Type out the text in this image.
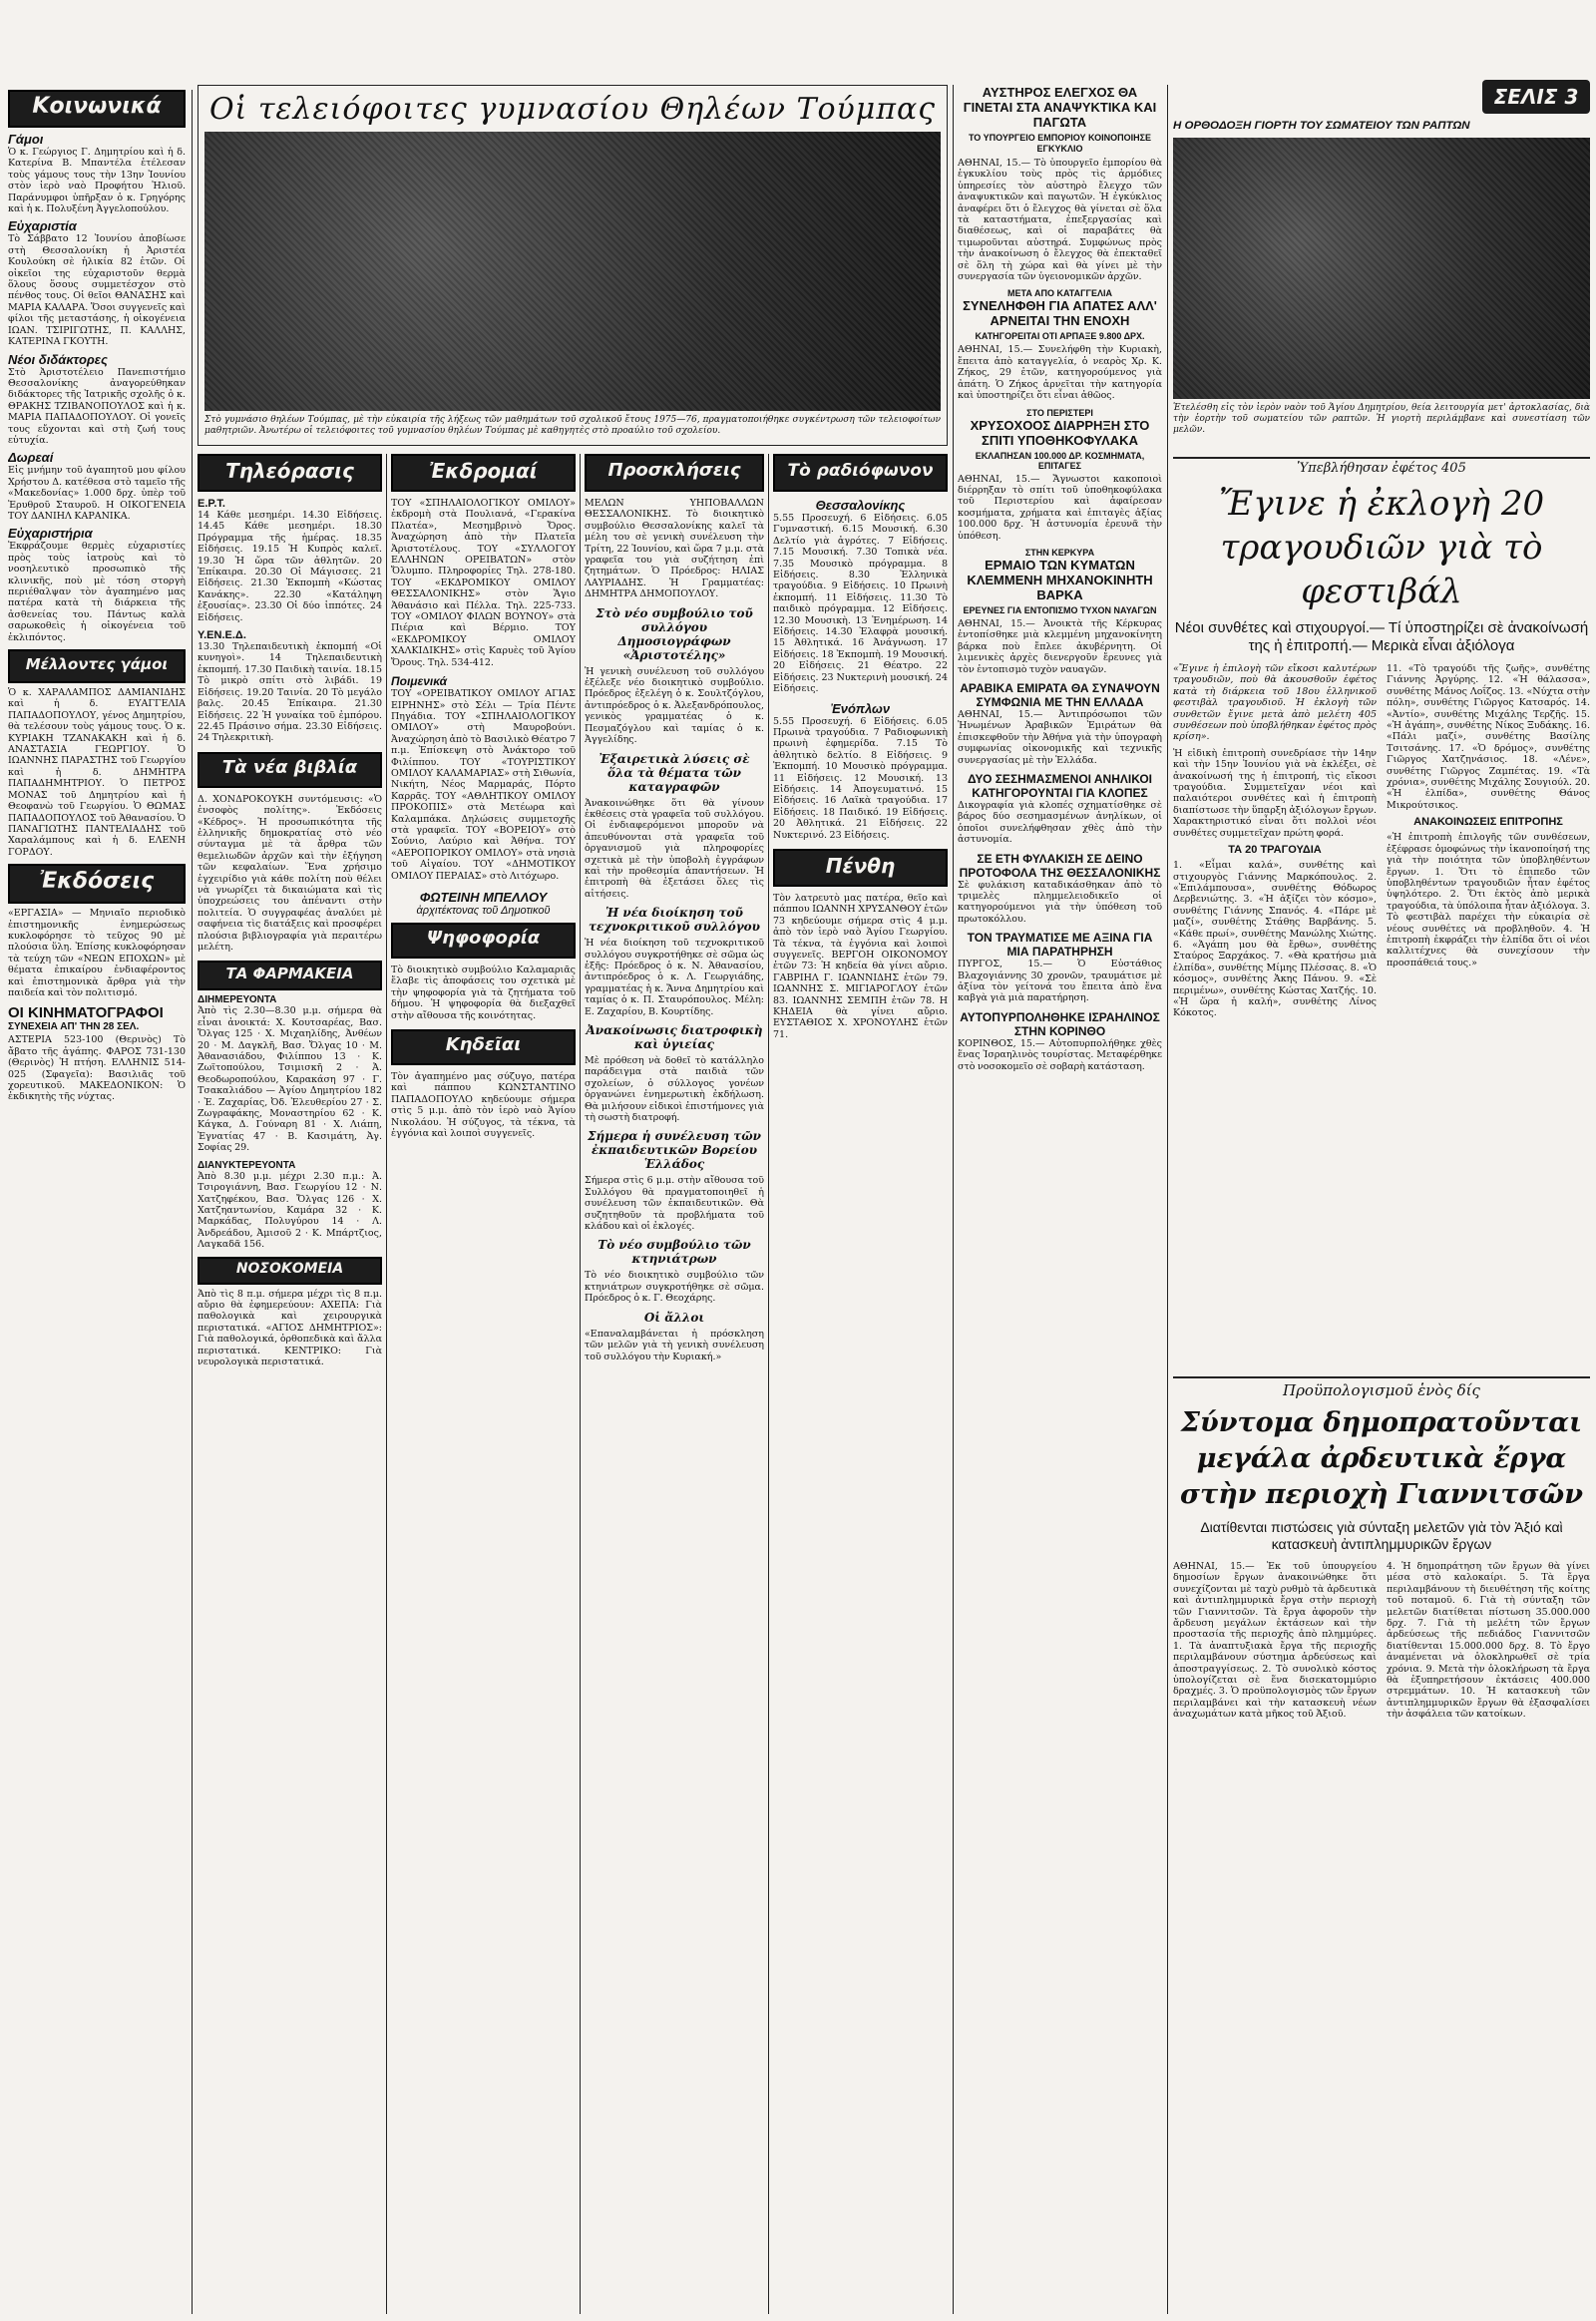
Κοινωνικά
Γάμοι
Ὁ κ. Γεώργιος Γ. Δημητρίου καὶ ἡ δ. Κατερίνα Β. Μπαντέλα ἐτέλεσαν τοὺς γάμους τους τὴν 13ην Ἰουνίου στὸν ἱερὸ ναὸ Προφήτου Ἠλιοῦ. Παράνυμφοι ὑπῆρξαν ὁ κ. Γρηγόρης καὶ ἡ κ. Πολυξένη Ἀγγελοπούλου.
Εὐχαριστία
Τὸ Σάββατο 12 Ἰουνίου ἀποβίωσε στὴ Θεσσαλονίκη ἡ Ἀριστέα Κουλούκη σὲ ἡλικία 82 ἐτῶν. Οἱ οἰκεῖοι της εὐχαριστοῦν θερμὰ ὅλους ὅσους συμμετέσχον στὸ πένθος τους. Οἱ θεῖοι ΘΑΝΑΣΗΣ καὶ ΜΑΡΙΑ ΚΑΛΑΡΑ. Ὅσοι συγγενεῖς καὶ φίλοι τῆς μεταστάσης, ἡ οἰκογένεια ΙΩΑΝ. ΤΣΙΡΙΓΩΤΗΣ, Π. ΚΑΛΛΗΣ, ΚΑΤΕΡΙΝΑ ΓΚΟΥΤΗ.
Νέοι διδάκτορες
Στὸ Ἀριστοτέλειο Πανεπιστήμιο Θεσσαλονίκης ἀναγορεύθηκαν διδάκτορες τῆς Ἰατρικῆς σχολῆς ὁ κ. ΘΡΑΚΗΣ ΤΖΙΒΑΝΟΠΟΥΛΟΣ καὶ ἡ κ. ΜΑΡΙΑ ΠΑΠΑΔΟΠΟΥΛΟΥ. Οἱ γονεῖς τους εὔχονται καὶ στὴ ζωή τους εὐτυχία.
Δωρεαί
Εἰς μνήμην τοῦ ἀγαπητοῦ μου φίλου Χρήστου Δ. κατέθεσα στὸ ταμεῖο τῆς «Μακεδονίας» 1.000 δρχ. ὑπὲρ τοῦ Ἐρυθροῦ Σταυροῦ. Η ΟΙΚΟΓΕΝΕΙΑ ΤΟΥ ΔΑΝΙΗΛ ΚΑΡΑΝΙΚΑ.
Εὐχαριστήρια
Ἐκφράζουμε θερμὲς εὐχαριστίες πρὸς τοὺς ἰατροὺς καὶ τὸ νοσηλευτικὸ προσωπικὸ τῆς κλινικῆς, ποὺ μὲ τόση στοργὴ περιέθαλψαν τὸν ἀγαπημένο μας πατέρα κατὰ τὴ διάρκεια τῆς ἀσθενείας του. Πάντως καλὰ σαρωκοθεὶς ἡ οἰκογένεια τοῦ ἐκλιπόντος.
Μέλλοντες γάμοι
Ὁ κ. ΧΑΡΑΛΑΜΠΟΣ ΔΑΜΙΑΝΙΔΗΣ καὶ ἡ δ. ΕΥΑΓΓΕΛΙΑ ΠΑΠΑΔΟΠΟΥΛΟΥ, γένος Δημητρίου, θὰ τελέσουν τοὺς γάμους τους. Ὁ κ. ΚΥΡΙΑΚΗ ΤΖΑΝΑΚΑΚΗ καὶ ἡ δ. ΑΝΑΣΤΑΣΙΑ ΓΕΩΡΓΙΟΥ. Ὁ ΙΩΑΝΝΗΣ ΠΑΡΑΣΤΗΣ τοῦ Γεωργίου καὶ ἡ δ. ΔΗΜΗΤΡΑ ΠΑΠΑΔΗΜΗΤΡΙΟΥ. Ὁ ΠΕΤΡΟΣ ΜΟΝΑΣ τοῦ Δημητρίου καὶ ἡ Θεοφανὼ τοῦ Γεωργίου. Ὁ ΘΩΜΑΣ ΠΑΠΑΔΟΠΟΥΛΟΣ τοῦ Ἀθανασίου. Ὁ ΠΑΝΑΓΙΩΤΗΣ ΠΑΝΤΕΛΙΑΔΗΣ τοῦ Χαραλάμπους καὶ ἡ δ. ΕΛΕΝΗ ΓΟΡΔΟΥ.
Ἐκδόσεις
«ΕΡΓΑΣΙΑ» — Μηνιαῖο περιοδικὸ ἐπιστημονικῆς ἐνημερώσεως κυκλοφόρησε τὸ τεῦχος 90 μὲ πλούσια ὕλη. Ἐπίσης κυκλοφόρησαν τὰ τεύχη τῶν «ΝΕΩΝ ΕΠΟΧΩΝ» μὲ θέματα ἐπικαίρου ἐνδιαφέροντος καὶ ἐπιστημονικὰ ἄρθρα γιὰ τὴν παιδεία καὶ τὸν πολιτισμό.
ΟΙ ΚΙΝΗΜΑΤΟΓΡΑΦΟΙ
ΣΥΝΕΧΕΙΑ ΑΠ' ΤΗΝ 28 ΣΕΛ.
ΑΣΤΕΡΙΑ 523-100 (Θερινὸς) Τὸ ἄβατο τῆς ἀγάπης. ΦΑΡΟΣ 731-130 (Θερινὸς) Ἡ πτήση. ΕΛΛΗΝΙΣ 514-025 (Σφαγεῖα): Βασιλιᾶς τοῦ χορευτικοῦ. ΜΑΚΕΔΟΝΙΚΟΝ: Ὁ ἐκδικητὴς τῆς νύχτας.
Οἱ τελειόφοιτες γυμνασίου Θηλέων Τούμπας
Στὸ γυμνάσιο θηλέων Τούμπας, μὲ τὴν εὐκαιρία τῆς λήξεως τῶν μαθημάτων τοῦ σχολικοῦ ἔτους 1975—76, πραγματοποιήθηκε συγκέντρωση τῶν τελειοφοίτων μαθητριῶν. Ἀνωτέρω οἱ τελειόφοιτες τοῦ γυμνασίου θηλέων Τούμπας μὲ καθηγητὲς στὸ προαύλιο τοῦ σχολείου.
Τηλεόρασις
Ε.Ρ.Τ.
14 Κάθε μεσημέρι. 14.30 Εἰδήσεις. 14.45 Κάθε μεσημέρι. 18.30 Πρόγραμμα τῆς ἡμέρας. 18.35 Εἰδήσεις. 19.15 Ἡ Κυπρὸς καλεῖ. 19.30 Ἡ ὥρα τῶν ἀθλητῶν. 20 Ἐπίκαιρα. 20.30 Οἱ Μάγισσες. 21 Εἰδήσεις. 21.30 Ἐκπομπὴ «Κώστας Κανάκης». 22.30 «Κατάληψη ἐξουσίας». 23.30 Οἱ δύο ἱππότες. 24 Εἰδήσεις.
Υ.ΕΝ.Ε.Δ.
13.30 Τηλεπαιδευτικὴ ἐκπομπή «Οἱ κυνηγοὶ». 14 Τηλεπαιδευτικὴ ἐκπομπή. 17.30 Παιδικὴ ταινία. 18.15 Τὸ μικρὸ σπίτι στὸ λιβάδι. 19 Εἰδήσεις. 19.20 Ταινία. 20 Τὸ μεγάλο βαλς. 20.45 Ἐπίκαιρα. 21.30 Εἰδήσεις. 22 Ἡ γυναίκα τοῦ ἐμπόρου. 22.45 Πράσινο σήμα. 23.30 Εἰδήσεις. 24 Τηλεκριτικὴ.
Τὰ νέα βιβλία
Δ. ΧΟΝΔΡΟΚΟΥΚΗ συντόμευσις: «Ὁ ἐνσοφὸς πολίτης». Ἐκδόσεις «Κέδρος». Ἡ προσωπικότητα τῆς ἑλληνικῆς δημοκρατίας στὸ νέο σύνταγμα μὲ τὰ ἄρθρα τῶν θεμελιωδῶν ἀρχῶν καὶ τὴν ἐξήγηση τῶν κεφαλαίων. Ἕνα χρήσιμο ἐγχειρίδιο γιὰ κάθε πολίτη ποὺ θέλει νὰ γνωρίζει τὰ δικαιώματα καὶ τὶς ὑποχρεώσεις του ἀπέναντι στὴν πολιτεία. Ὁ συγγραφέας ἀναλύει μὲ σαφήνεια τὶς διατάξεις καὶ προσφέρει πλούσια βιβλιογραφία γιὰ περαιτέρω μελέτη.
ΤΑ ΦΑΡΜΑΚΕΙΑ
ΔΙΗΜΕΡΕΥΟΝΤΑ
Ἀπὸ τὶς 2.30—8.30 μ.μ. σήμερα θὰ εἶναι ἀνοικτά: Χ. Κουτσαρέας, Βασ. Ὄλγας 125 · Χ. Μιχαηλίδης, Ἀνθέων 20 · Μ. Δαγκλῆ, Βασ. Ὄλγας 10 · Μ. Ἀθανασιάδου, Φιλίππου 13 · Κ. Ζωϊτοπούλου, Τσιμισκῆ 2 · Ἀ. Θεοδωροπούλου, Καρακάση 97 · Γ. Τσακαλιάδου — Ἀγίου Δημητρίου 182 · Ἐ. Ζαχαρίας, Ὀδ. Ἐλευθερίου 27 · Σ. Ζωγραφάκης, Μοναστηρίου 62 · Κ. Κάγκα, Δ. Γούναρη 81 · Χ. Λιάπη, Ἐγνατίας 47 · Β. Κασιμάτη, Ἀγ. Σοφίας 29.
ΔΙΑΝΥΚΤΕΡΕΥΟΝΤΑ
Ἀπὸ 8.30 μ.μ. μέχρι 2.30 π.μ.: Ἀ. Τσιρογιάννη, Βασ. Γεωργίου 12 · Ν. Χατζηφέκου, Βασ. Ὄλγας 126 · Χ. Χατζηαντωνίου, Καμάρα 32 · Κ. Μαρκάδας, Πολυγύρου 14 · Λ. Ἀνδρεάδου, Ἀμισοῦ 2 · Κ. Μπάρτζιος, Λαγκαδᾶ 156.
ΝΟΣΟΚΟΜΕΙΑ
Ἀπὸ τὶς 8 π.μ. σήμερα μέχρι τὶς 8 π.μ. αὔριο θὰ ἐφημερεύουν: ΑΧΕΠΑ: Γιὰ παθολογικὰ καὶ χειρουργικὰ περιστατικά. «ΑΓΙΟΣ ΔΗΜΗΤΡΙΟΣ»: Γιὰ παθολογικά, ὀρθοπεδικὰ καὶ ἄλλα περιστατικά. ΚΕΝΤΡΙΚΟ: Γιὰ νευρολογικὰ περιστατικά.
Ἐκδρομαί
ΤΟΥ «ΣΠΗΛΑΙΟΛΟΓΙΚΟΥ ΟΜΙΛΟΥ» ἐκδρομὴ στὰ Πουλιανά, «Γερακίνα Πλατέα», Μεσημβρινὸ Ὄρος. Ἀναχώρηση ἀπὸ τὴν Πλατεῖα Ἀριστοτέλους. ΤΟΥ «ΣΥΛΛΟΓΟΥ ΕΛΛΗΝΩΝ ΟΡΕΙΒΑΤΩΝ» στὸν Ὄλυμπο. Πληροφορίες Τηλ. 278-180. ΤΟΥ «ΕΚΔΡΟΜΙΚΟΥ ΟΜΙΛΟΥ ΘΕΣΣΑΛΟΝΙΚΗΣ» στὸν Ἅγιο Ἀθανάσιο καὶ Πέλλα. Τηλ. 225-733. ΤΟΥ «ΟΜΙΛΟΥ ΦΙΛΩΝ ΒΟΥΝΟΥ» στὰ Πιέρια καὶ Βέρμιο. ΤΟΥ «ΕΚΔΡΟΜΙΚΟΥ ΟΜΙΛΟΥ ΧΑΛΚΙΔΙΚΗΣ» στὶς Καρυὲς τοῦ Ἁγίου Ὄρους. Τηλ. 534-412.
Ποιμενικά
ΤΟΥ «ΟΡΕΙΒΑΤΙΚΟΥ ΟΜΙΛΟΥ ΑΓΙΑΣ ΕΙΡΗΝΗΣ» στὸ Σέλι — Τρία Πέντε Πηγάδια. ΤΟΥ «ΣΠΗΛΑΙΟΛΟΓΙΚΟΥ ΟΜΙΛΟΥ» στὴ Μαυροβούνι. Ἀναχώρηση ἀπὸ τὸ Βασιλικὸ Θέατρο 7 π.μ. Ἐπίσκεψη στὸ Ἀνάκτορο τοῦ Φιλίππου. ΤΟΥ «ΤΟΥΡΙΣΤΙΚΟΥ ΟΜΙΛΟΥ ΚΑΛΑΜΑΡΙΑΣ» στὴ Σιθωνία, Νικήτη, Νέος Μαρμαράς, Πόρτο Καρρᾶς. ΤΟΥ «ΑΘΛΗΤΙΚΟΥ ΟΜΙΛΟΥ ΠΡΟΚΟΠΙΣ» στὰ Μετέωρα καὶ Καλαμπάκα. Δηλώσεις συμμετοχῆς στὰ γραφεῖα. ΤΟΥ «ΒΟΡΕΙΟΥ» στὸ Σούνιο, Λαύριο καὶ Ἀθήνα. ΤΟΥ «ΑΕΡΟΠΟΡΙΚΟΥ ΟΜΙΛΟΥ» στὰ νησιὰ τοῦ Αἰγαίου. ΤΟΥ «ΔΗΜΟΤΙΚΟΥ ΟΜΙΛΟΥ ΠΕΡΑΙΑΣ» στὸ Λιτόχωρο.
ΦΩΤΕΙΝΗ ΜΠΕΛΛΟΥ
ἀρχιτέκτονας τοῦ Δημοτικοῦ
Ψηφοφορία
Τὸ διοικητικὸ συμβούλιο Καλαμαριᾶς ἔλαβε τὶς ἀποφάσεις του σχετικὰ μὲ τὴν ψηφοφορία γιὰ τὰ ζητήματα τοῦ δήμου. Ἡ ψηφοφορία θὰ διεξαχθεῖ στὴν αἴθουσα τῆς κοινότητας.
Κηδεῖαι
Τὸν ἀγαπημένο μας σύζυγο, πατέρα καὶ πάππου ΚΩΝΣΤΑΝΤΙΝΟ ΠΑΠΑΔΟΠΟΥΛΟ κηδεύουμε σήμερα στὶς 5 μ.μ. ἀπὸ τὸν ἱερὸ ναὸ Ἁγίου Νικολάου. Ἡ σύζυγος, τὰ τέκνα, τὰ ἐγγόνια καὶ λοιποὶ συγγενεῖς.
Προσκλήσεις
ΜΕΛΩΝ ΥΗΠΟΒΑΛΛΩΝ ΘΕΣΣΑΛΟΝΙΚΗΣ. Τὸ διοικητικὸ συμβούλιο Θεσσαλονίκης καλεῖ τὰ μέλη του σὲ γενικὴ συνέλευση τὴν Τρίτη, 22 Ἰουνίου, καὶ ὥρα 7 μ.μ. στὰ γραφεῖα του γιὰ συζήτηση ἐπὶ ζητημάτων. Ὁ Πρόεδρος: ΗΛΙΑΣ ΛΑΥΡΙΑΔΗΣ. Ἡ Γραμματέας: ΔΗΜΗΤΡΑ ΔΗΜΟΠΟΥΛΟΥ.
Στὸ νέο συμβούλιο τοῦ συλλόγου Δημοσιογράφων «Ἀριστοτέλης»
Ἡ γενικὴ συνέλευση τοῦ συλλόγου ἐξέλεξε νέο διοικητικὸ συμβούλιο. Πρόεδρος ἐξελέγη ὁ κ. Σουλτζόγλου, ἀντιπρόεδρος ὁ κ. Ἀλεξανδρόπουλος, γενικὸς γραμματέας ὁ κ. Πεσμαζόγλου καὶ ταμίας ὁ κ. Ἀγγελίδης.
Ἐξαιρετικὰ λύσεις σὲ ὅλα τὰ θέματα τῶν καταγραφῶν
Ἀνακοινώθηκε ὅτι θὰ γίνουν ἐκθέσεις στὰ γραφεῖα τοῦ συλλόγου. Οἱ ἐνδιαφερόμενοι μποροῦν νὰ ἀπευθύνονται στὰ γραφεῖα τοῦ ὀργανισμοῦ γιὰ πληροφορίες σχετικὰ μὲ τὴν ὑποβολὴ ἐγγράφων καὶ τὴν προθεσμία ἀπαντήσεων. Ἡ ἐπιτροπὴ θὰ ἐξετάσει ὅλες τὶς αἰτήσεις.
Ἡ νέα διοίκηση τοῦ τεχνοκριτικοῦ συλλόγου
Ἡ νέα διοίκηση τοῦ τεχνοκριτικοῦ συλλόγου συγκροτήθηκε σὲ σῶμα ὡς ἑξῆς: Πρόεδρος ὁ κ. Ν. Ἀθανασίου, ἀντιπρόεδρος ὁ κ. Λ. Γεωργιάδης, γραμματέας ἡ κ. Ἄννα Δημητρίου καὶ ταμίας ὁ κ. Π. Σταυρόπουλος. Μέλη: Ε. Ζαχαρίου, Β. Κουρτίδης.
Ἀνακοίνωσις διατροφικὴ καὶ ὑγιείας
Μὲ πρόθεση νὰ δοθεῖ τὸ κατάλληλο παράδειγμα στὰ παιδιὰ τῶν σχολείων, ὁ σύλλογος γονέων ὀργανώνει ἐνημερωτικὴ ἐκδήλωση. Θὰ μιλήσουν εἰδικοὶ ἐπιστήμονες γιὰ τὴ σωστὴ διατροφή.
Σήμερα ἡ συνέλευση τῶν ἐκπαιδευτικῶν Βορείου Ἑλλάδος
Σήμερα στὶς 6 μ.μ. στὴν αἴθουσα τοῦ Συλλόγου θὰ πραγματοποιηθεῖ ἡ συνέλευση τῶν ἐκπαιδευτικῶν. Θὰ συζητηθοῦν τὰ προβλήματα τοῦ κλάδου καὶ οἱ ἐκλογές.
Τὸ νέο συμβούλιο τῶν κτηνιάτρων
Τὸ νέο διοικητικὸ συμβούλιο τῶν κτηνιάτρων συγκροτήθηκε σὲ σῶμα. Πρόεδρος ὁ κ. Γ. Θεοχάρης.
Οἱ ἄλλοι
«Επαναλαμβάνεται ἡ πρόσκληση τῶν μελῶν γιὰ τὴ γενικὴ συνέλευση τοῦ συλλόγου τὴν Κυριακή.»
Τὸ ραδιόφωνον
Θεσσαλονίκης
5.55 Προσευχή. 6 Εἰδήσεις. 6.05 Γυμναστική. 6.15 Μουσική. 6.30 Δελτίο γιὰ ἀγρότες. 7 Εἰδήσεις. 7.15 Μουσική. 7.30 Τοπικὰ νέα. 7.35 Μουσικὸ πρόγραμμα. 8 Εἰδήσεις. 8.30 Ἐλληνικὰ τραγούδια. 9 Εἰδήσεις. 10 Πρωινὴ ἐκπομπή. 11 Εἰδήσεις. 11.30 Τὸ παιδικὸ πρόγραμμα. 12 Εἰδήσεις. 12.30 Μουσικὴ. 13 Ἐνημέρωση. 14 Εἰδήσεις. 14.30 Ἐλαφρὰ μουσική. 15 Ἀθλητικά. 16 Ἀνάγνωση. 17 Εἰδήσεις. 18 Ἐκπομπὴ. 19 Μουσική. 20 Εἰδήσεις. 21 Θέατρο. 22 Εἰδήσεις. 23 Νυκτερινὴ μουσική. 24 Εἰδήσεις.
Ἐνόπλων
5.55 Προσευχή. 6 Εἰδήσεις. 6.05 Πρωινὰ τραγούδια. 7 Ραδιοφωνικὴ πρωινὴ ἐφημερίδα. 7.15 Τὸ ἀθλητικὸ δελτίο. 8 Εἰδήσεις. 9 Ἐκπομπή. 10 Μουσικὸ πρόγραμμα. 11 Εἰδήσεις. 12 Μουσική. 13 Εἰδήσεις. 14 Ἀπογευματινό. 15 Εἰδήσεις. 16 Λαϊκὰ τραγούδια. 17 Εἰδήσεις. 18 Παιδικό. 19 Εἰδήσεις. 20 Ἀθλητικά. 21 Εἰδήσεις. 22 Νυκτερινό. 23 Εἰδήσεις.
Πένθη
Τὸν λατρευτὸ μας πατέρα, θεῖο καὶ πάππου ΙΩΑΝΝΗ ΧΡΥΣΑΝΘΟΥ ἐτῶν 73 κηδεύουμε σήμερα στὶς 4 μ.μ. ἀπὸ τὸν ἱερὸ ναὸ Ἁγίου Γεωργίου. Τὰ τέκνα, τὰ ἐγγόνια καὶ λοιποὶ συγγενεῖς. ΒΕΡΓΟΗ ΟΙΚΟΝΟΜΟΥ ἐτῶν 73: Ἡ κηδεία θὰ γίνει αὔριο. ΓΑΒΡΙΗΛ Γ. ΙΩΑΝΝΙΔΗΣ ἐτῶν 79. ΙΩΑΝΝΗΣ Σ. ΜΙΓΙΑΡΟΓΛΟΥ ἐτῶν 83. ΙΩΑΝΝΗΣ ΣΕΜΠΗ ἐτῶν 78. Η ΚΗΔΕΙΑ θὰ γίνει αὔριο. ΕΥΣΤΑΘΙΟΣ Χ. ΧΡΟΝΟΥΛΗΣ ἐτῶν 71.
ΑΥΣΤΗΡΟΣ ΕΛΕΓΧΟΣ ΘΑ ΓΙΝΕΤΑΙ ΣΤΑ ΑΝΑΨΥΚΤΙΚΑ ΚΑΙ ΠΑΓΩΤΑ
ΤΟ ΥΠΟΥΡΓΕΙΟ ΕΜΠΟΡΙΟΥ ΚΟΙΝΟΠΟΙΗΣΕ ΕΓΚΥΚΛΙΟ
ΑΘΗΝΑΙ, 15.— Τὸ ὑπουργεῖο ἐμπορίου θὰ ἐγκυκλίου τοὺς πρὸς τὶς ἁρμόδιες ὑπηρεσίες τὸν αὐστηρὸ ἔλεγχο τῶν ἀναψυκτικῶν καὶ παγωτῶν. Ἡ ἐγκύκλιος ἀναφέρει ὅτι ὁ ἔλεγχος θὰ γίνεται σὲ ὅλα τὰ καταστήματα, ἐπεξεργασίας καὶ διαθέσεως, καὶ οἱ παραβάτες θὰ τιμωροῦνται αὐστηρά. Συμφώνως πρὸς τὴν ἀνακοίνωση ὁ ἔλεγχος θὰ ἐπεκταθεῖ σὲ ὅλη τὴ χώρα καὶ θὰ γίνει μὲ τὴν συνεργασία τῶν ὑγειονομικῶν ἀρχῶν.
ΜΕΤΑ ΑΠΟ ΚΑΤΑΓΓΕΛΙΑ
ΣΥΝΕΛΗΦΘΗ ΓΙΑ ΑΠΑΤΕΣ ΑΛΛ' ΑΡΝΕΙΤΑΙ ΤΗΝ ΕΝΟΧΗ
ΚΑΤΗΓΟΡΕΙΤΑΙ ΟΤΙ ΑΡΠΑΞΕ 9.800 ΔΡΧ.
ΑΘΗΝΑΙ, 15.— Συνελήφθη τὴν Κυριακὴ, ἔπειτα ἀπὸ καταγγελία, ὁ νεαρὸς Χρ. Κ. Ζήκος, 29 ἐτῶν, κατηγορούμενος γιὰ ἀπάτη. Ὁ Ζήκος ἀρνεῖται τὴν κατηγορία καὶ ὑποστηρίζει ὅτι εἶναι ἀθῶος.
ΣΤΟ ΠΕΡΙΣΤΕΡΙ
ΧΡΥΣΟΧΟΟΣ ΔΙΑΡΡΗΞΗ ΣΤΟ ΣΠΙΤΙ ΥΠΟΘΗΚΟΦΥΛΑΚΑ
ΕΚΛΑΠΗΣΑΝ 100.000 ΔΡ. ΚΟΣΜΗΜΑΤΑ, ΕΠΙΤΑΓΕΣ
ΑΘΗΝΑΙ, 15.— Ἄγνωστοι κακοποιοὶ διέρρηξαν τὸ σπίτι τοῦ ὑποθηκοφύλακα τοῦ Περιστερίου καὶ ἀφαίρεσαν κοσμήματα, χρήματα καὶ ἐπιταγὲς ἀξίας 100.000 δρχ. Ἡ ἀστυνομία ἐρευνᾶ τὴν ὑπόθεση.
ΣΤΗΝ ΚΕΡΚΥΡΑ
ΕΡΜΑΙΟ ΤΩΝ ΚΥΜΑΤΩΝ ΚΛΕΜΜΕΝΗ ΜΗΧΑΝΟΚΙΝΗΤΗ ΒΑΡΚΑ
ΕΡΕΥΝΕΣ ΓΙΑ ΕΝΤΟΠΙΣΜΟ ΤΥΧΟΝ ΝΑΥΑΓΩΝ
ΑΘΗΝΑΙ, 15.— Ἀνοικτὰ τῆς Κέρκυρας ἐντοπίσθηκε μιὰ κλεμμένη μηχανοκίνητη βάρκα ποὺ ἔπλεε ἀκυβέρνητη. Οἱ λιμενικὲς ἀρχὲς διενεργοῦν ἔρευνες γιὰ τὸν ἐντοπισμὸ τυχὸν ναυαγῶν.
ΑΡΑΒΙΚΑ ΕΜΙΡΑΤΑ ΘΑ ΣΥΝΑΨΟΥΝ ΣΥΜΦΩΝΙΑ ΜΕ ΤΗΝ ΕΛΛΑΔΑ
ΑΘΗΝΑΙ, 15.— Ἀντιπρόσωποι τῶν Ἠνωμένων Ἀραβικῶν Ἐμιράτων θὰ ἐπισκεφθοῦν τὴν Ἀθήνα γιὰ τὴν ὑπογραφὴ συμφωνίας οἰκονομικῆς καὶ τεχνικῆς συνεργασίας μὲ τὴν Ἑλλάδα.
ΔΥΟ ΣΕΣΗΜΑΣΜΕΝΟΙ ΑΝΗΛΙΚΟΙ ΚΑΤΗΓΟΡΟΥΝΤΑΙ ΓΙΑ ΚΛΟΠΕΣ
Δικογραφία γιὰ κλοπές σχηματίσθηκε σὲ βάρος δύο σεσημασμένων ἀνηλίκων, οἱ ὁποῖοι συνελήφθησαν χθὲς ἀπὸ τὴν ἀστυνομία.
ΣΕ ΕΤΗ ΦΥΛΑΚΙΣΗ ΣΕ ΔΕΙΝΟ ΠΡΟΤΟΦΟΛΑ ΤΗΣ ΘΕΣΣΑΛΟΝΙΚΗΣ
Σὲ φυλάκιση καταδικάσθηκαν ἀπὸ τὸ τριμελὲς πλημμελειοδικεῖο οἱ κατηγορούμενοι γιὰ τὴν ὑπόθεση τοῦ πρωτοκόλλου.
ΤΟΝ ΤΡΑΥΜΑΤΙΣΕ ΜΕ ΑΞΙΝΑ ΓΙΑ ΜΙΑ ΠΑΡΑΤΗΡΗΣΗ
ΠΥΡΓΟΣ, 15.— Ὁ Εὐστάθιος Βλαχογιάννης 30 χρονῶν, τραυμάτισε μὲ ἀξίνα τὸν γείτονά του ἔπειτα ἀπὸ ἕνα καβγὰ γιὰ μιὰ παρατήρηση.
ΑΥΤΟΠΥΡΠΟΛΗΘΗΚΕ ΙΣΡΑΗΛΙΝΟΣ ΣΤΗΝ ΚΟΡΙΝΘΟ
ΚΟΡΙΝΘΟΣ, 15.— Αὐτοπυρπολήθηκε χθὲς ἕνας Ἰσραηλινὸς τουρίστας. Μεταφέρθηκε στὸ νοσοκομεῖο σὲ σοβαρὴ κατάσταση.
ΣΕΛΙΣ 3
Η ΟΡΘΟΔΟΞΗ ΓΙΟΡΤΗ ΤΟΥ ΣΩΜΑΤΕΙΟΥ ΤΩΝ ΡΑΠΤΩΝ
Ἑτελέσθη εἰς τὸν ἱερὸν ναὸν τοῦ Ἁγίου Δημητρίου, θεία λειτουργία μετ' ἀρτοκλασίας, διὰ τὴν ἑορτὴν τοῦ σωματείου τῶν ραπτῶν. Ἡ γιορτὴ περιλάμβανε καὶ συνεστίαση τῶν μελῶν.
Ὑπεβλήθησαν ἐφέτος 405
Ἔγινε ἡ ἐκλογὴ 20 τραγουδιῶν γιὰ τὸ φεστιβάλ
Νέοι συνθέτες καὶ στιχουργοί.— Τί ὑποστηρίζει σὲ ἀνακοίνωσή της ἡ ἐπιτροπή.— Μερικὰ εἶναι ἀξιόλογα
«Ἔγινε ἡ ἐπιλογὴ τῶν εἴκοσι καλυτέρων τραγουδιῶν, ποὺ θὰ ἀκουσθοῦν ἐφέτος κατὰ τὴ διάρκεια τοῦ 18ου ἑλληνικοῦ φεστιβὰλ τραγουδιοῦ. Ἡ ἐκλογὴ τῶν συνθετῶν ἔγινε μετὰ ἀπὸ μελέτη 405 συνθέσεων ποὺ ὑποβλήθηκαν ἐφέτος πρὸς κρίση».
Ἡ εἰδικὴ ἐπιτροπὴ συνεδρίασε τὴν 14ην καὶ τὴν 15ην Ἰουνίου γιὰ νὰ ἐκλέξει, σὲ ἀνακοίνωσή της ἡ ἐπιτροπή, τὶς εἴκοσι τραγούδια. Συμμετεῖχαν νέοι καὶ παλαιότεροι συνθέτες καὶ ἡ ἐπιτροπὴ διαπίστωσε τὴν ὕπαρξη ἀξιόλογων ἔργων. Χαρακτηριστικό εἶναι ὅτι πολλοὶ νέοι συνθέτες συμμετεῖχαν πρώτη φορά.
ΤΑ 20 ΤΡΑΓΟΥΔΙΑ
1. «Εἶμαι καλά», συνθέτης καὶ στιχουργὸς Γιάννης Μαρκόπουλος. 2. «Ἐπιλάμπουσα», συνθέτης Θόδωρος Δερβενιώτης. 3. «Ἡ ἀξίζει τὸν κόσμο», συνθέτης Γιάννης Σπανός. 4. «Πάρε μὲ μαζί», συνθέτης Στάθης Βαρβάνης. 5. «Κάθε πρωί», συνθέτης Μανώλης Χιώτης. 6. «Ἀγάπη μου θὰ ἔρθω», συνθέτης Σταύρος Ξαρχάκος. 7. «Θὰ κρατήσω μιὰ ἐλπίδα», συνθέτης Μίμης Πλέσσας. 8. «Ὁ κόσμος», συνθέτης Ἀκης Πάνου. 9. «Σὲ περιμένω», συνθέτης Κώστας Χατζής. 10. «Ἡ ὥρα ἡ καλή», συνθέτης Λίνος Κόκοτος.
11. «Τὸ τραγούδι τῆς ζωῆς», συνθέτης Γιάννης Ἀργύρης. 12. «Ἡ θάλασσα», συνθέτης Μάνος Λοΐζος. 13. «Νύχτα στὴν πόλη», συνθέτης Γιῶργος Κατσαρός. 14. «Ἀντίο», συνθέτης Μιχάλης Τερζῆς. 15. «Ἡ ἀγάπη», συνθέτης Νίκος Ξυδάκης. 16. «Πάλι μαζί», συνθέτης Βασίλης Τσιτσάνης. 17. «Ὁ δρόμος», συνθέτης Γιῶργος Χατζηνάσιος. 18. «Λένε», συνθέτης Γιῶργος Ζαμπέτας. 19. «Τὰ χρόνια», συνθέτης Μιχάλης Σουγιούλ. 20. «Ἡ ἐλπίδα», συνθέτης Θάνος Μικρούτσικος.
ΑΝΑΚΟΙΝΩΣΕΙΣ ΕΠΙΤΡΟΠΗΣ
«Ἡ ἐπιτροπὴ ἐπιλογῆς τῶν συνθέσεων, ἐξέφρασε ὁμοφώνως τὴν ἱκανοποίησή της γιὰ τὴν ποιότητα τῶν ὑποβληθέντων ἔργων. 1. Ὅτι τὸ ἐπιπεδο τῶν ὑποβληθέντων τραγουδιῶν ἦταν ἐφέτος ὑψηλότερο. 2. Ὅτι ἐκτὸς ἀπὸ μερικὰ τραγούδια, τὰ ὑπόλοιπα ἦταν ἀξιόλογα. 3. Τὸ φεστιβὰλ παρέχει τὴν εὐκαιρία σὲ νέους συνθέτες νὰ προβληθοῦν. 4. Ἡ ἐπιτροπὴ ἐκφράζει τὴν ἐλπίδα ὅτι οἱ νέοι καλλιτέχνες θὰ συνεχίσουν τὴν προσπάθειά τους.»
Προϋπολογισμοῦ ἑνὸς δίς
Σύντομα δημοπρατοῦνται μεγάλα ἀρδευτικὰ ἔργα στὴν περιοχὴ Γιαννιτσῶν
Διατίθενται πιστώσεις γιὰ σύνταξη μελετῶν γιὰ τὸν Ἀξιό καὶ κατασκευὴ ἀντιπλημμυρικῶν ἔργων
ΑΘΗΝΑΙ, 15.— Ἐκ τοῦ ὑπουργείου δημοσίων ἔργων ἀνακοινώθηκε ὅτι συνεχίζονται μὲ ταχὺ ρυθμὸ τὰ ἀρδευτικὰ καὶ ἀντιπλημμυρικὰ ἔργα στὴν περιοχὴ τῶν Γιαννιτσῶν. Τὰ ἔργα ἀφοροῦν τὴν ἄρδευση μεγάλων ἐκτάσεων καὶ τὴν προστασία τῆς περιοχῆς ἀπὸ πλημμύρες. 1. Τὰ ἀναπτυξιακὰ ἔργα τῆς περιοχῆς περιλαμβάνουν σύστημα ἀρδεύσεως καὶ ἀποστραγγίσεως. 2. Τὸ συνολικὸ κόστος ὑπολογίζεται σὲ ἕνα δισεκατομμύριο δραχμές. 3. Ὁ προϋπολογισμὸς τῶν ἔργων περιλαμβάνει καὶ τὴν κατασκευὴ νέων ἀναχωμάτων κατὰ μῆκος τοῦ Ἀξιοῦ.
4. Ἡ δημοπράτηση τῶν ἔργων θὰ γίνει μέσα στὸ καλοκαίρι. 5. Τὰ ἔργα περιλαμβάνουν τὴ διευθέτηση τῆς κοίτης τοῦ ποταμοῦ. 6. Γιὰ τὴ σύνταξη τῶν μελετῶν διατίθεται πίστωση 35.000.000 δρχ. 7. Γιὰ τὴ μελέτη τῶν ἔργων ἀρδεύσεως τῆς πεδιάδος Γιαννιτσῶν διατίθενται 15.000.000 δρχ. 8. Τὸ ἔργο ἀναμένεται νὰ ὁλοκληρωθεῖ σὲ τρία χρόνια. 9. Μετὰ τὴν ὁλοκλήρωση τὰ ἔργα θὰ ἐξυπηρετήσουν ἐκτάσεις 400.000 στρεμμάτων. 10. Ἡ κατασκευὴ τῶν ἀντιπλημμυρικῶν ἔργων θὰ ἐξασφαλίσει τὴν ἀσφάλεια τῶν κατοίκων.
